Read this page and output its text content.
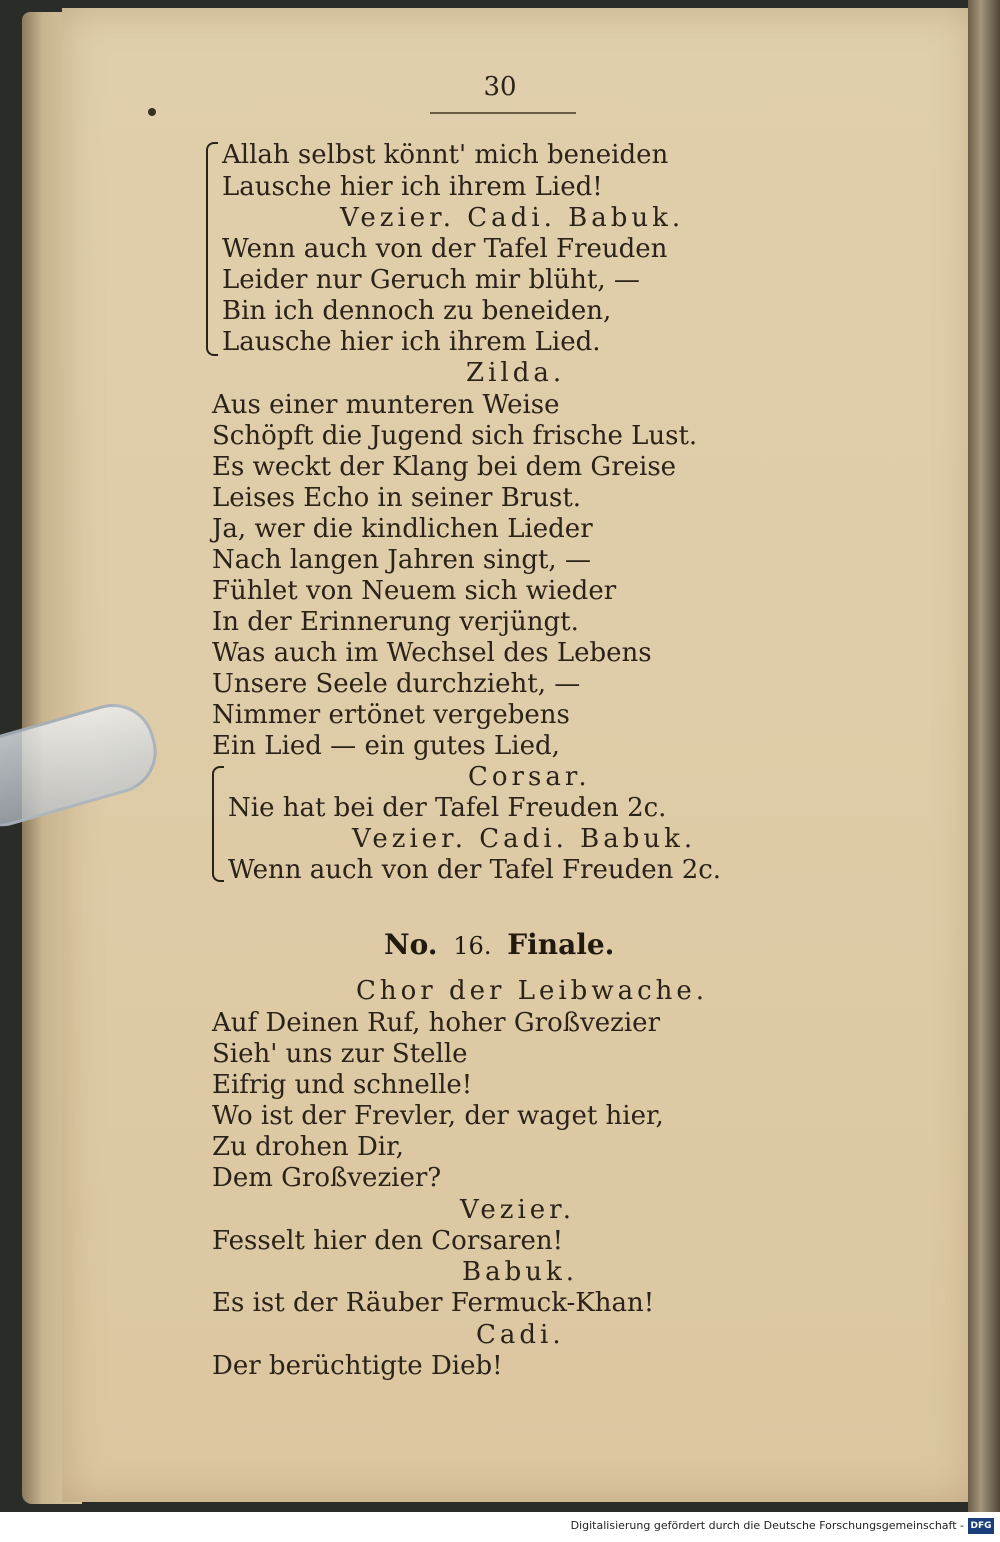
30
Allah selbst könnt' mich beneiden
Lausche hier ich ihrem Lied!
Vezier. Cadi. Babuk.
Wenn auch von der Tafel Freuden
Leider nur Geruch mir blüht, —
Bin ich dennoch zu beneiden,
Lausche hier ich ihrem Lied.
Zilda.
Aus einer munteren Weise
Schöpft die Jugend sich frische Lust.
Es weckt der Klang bei dem Greise
Leises Echo in seiner Brust.
Ja, wer die kindlichen Lieder
Nach langen Jahren singt, —
Fühlet von Neuem sich wieder
In der Erinnerung verjüngt.
Was auch im Wechsel des Lebens
Unsere Seele durchzieht, —
Nimmer ertönet vergebens
Ein Lied — ein gutes Lied,
Corsar.
Nie hat bei der Tafel Freuden 2c.
Vezier. Cadi. Babuk.
Wenn auch von der Tafel Freuden 2c.
No. 16. Finale.
Chor der Leibwache.
Auf Deinen Ruf, hoher Großvezier
Sieh' uns zur Stelle
Eifrig und schnelle!
Wo ist der Frevler, der waget hier,
Zu drohen Dir,
Dem Großvezier?
Vezier.
Fesselt hier den Corsaren!
Babuk.
Es ist der Räuber Fermuck-Khan!
Cadi.
Der berüchtigte Dieb!
Digitalisierung gefördert durch die Deutsche Forschungsgemeinschaft - DFG
